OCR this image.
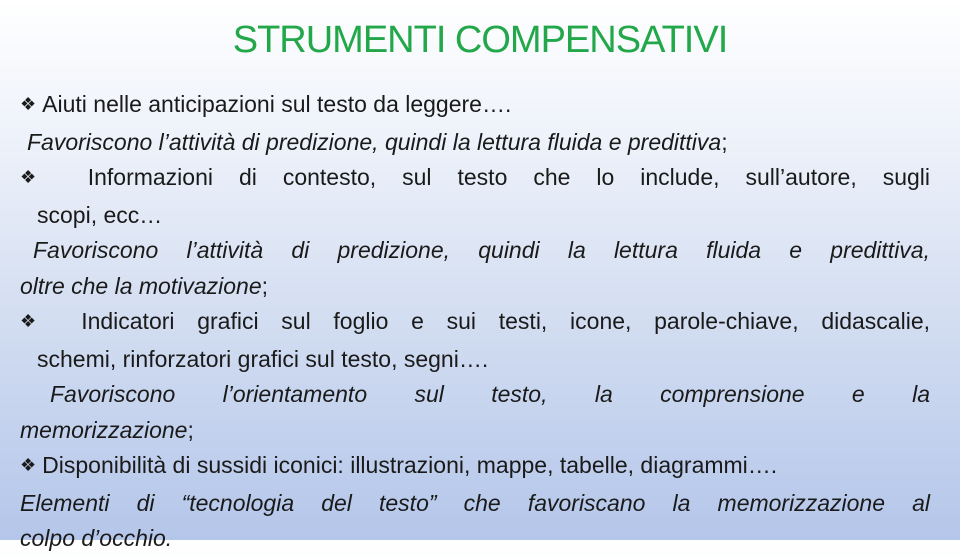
STRUMENTI COMPENSATIVI
❖ Aiuti nelle anticipazioni sul testo da leggere….
Favoriscono l’attività di predizione, quindi la lettura fluida e predittiva;
❖ Informazioni di contesto, sul testo che lo include, sull’autore, sugli
scopi, ecc…
Favoriscono l’attività di predizione, quindi la lettura fluida e predittiva,
oltre che la motivazione;
❖ Indicatori grafici sul foglio e sui testi, icone, parole-chiave, didascalie,
schemi, rinforzatori grafici sul testo, segni….
Favoriscono l’orientamento sul testo, la comprensione e la
memorizzazione;
❖ Disponibilità di sussidi iconici: illustrazioni, mappe, tabelle, diagrammi….
Elementi di “tecnologia del testo” che favoriscano la memorizzazione al
colpo d’occhio.
